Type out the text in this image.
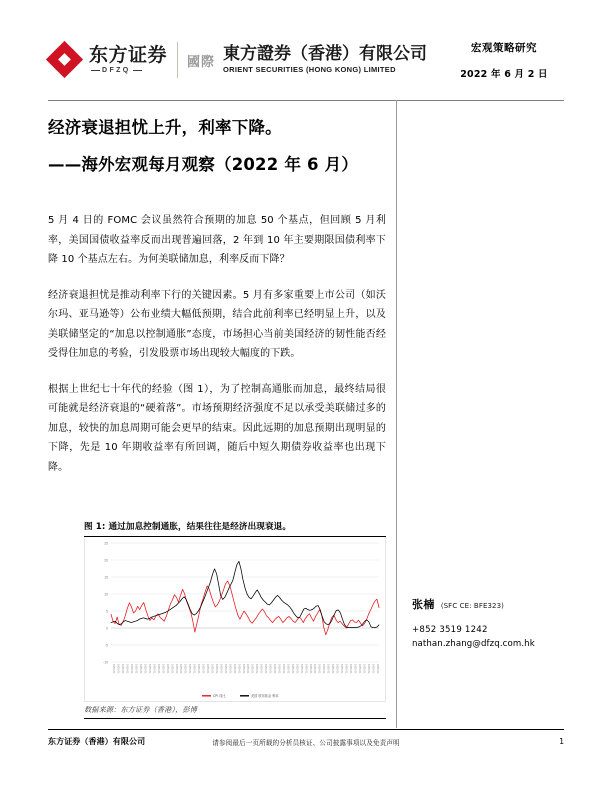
东方证券
DFZQ
國際 東方證券（香港）有限公司
ORIENT SECURITIES (HONG KONG) LIMITED
宏观策略研究
2022 年 6 月 2 日
经济衰退担忧上升，利率下降。
——海外宏观每月观察（2022 年 6 月）

5 月 4 日的 FOMC 会议虽然符合预期的加息 50 个基点，但回顾 5 月利率，美国国债收益率反而出现普遍回落，2 年到 10 年主要期限国债利率下降 10 个基点左右。为何美联储加息，利率反而下降？

经济衰退担忧是推动利率下行的关键因素。5 月有多家重要上市公司（如沃尔玛、亚马逊等）公布业绩大幅低预期，结合此前利率已经明显上升，以及美联储坚定的“加息以控制通胀”态度，市场担心当前美国经济的韧性能否经受得住加息的考验，引发股票市场出现较大幅度的下跌。

根据上世纪七十年代的经验（图 1），为了控制高通胀而加息，最终结局很可能就是经济衰退的“硬着落”。市场预期经济强度不足以承受美联储过多的加息，较快的加息周期可能会更早的结束。因此远期的加息预期出现明显的下降，先是 10 年期收益率有所回调，随后中短久期债券收益率也出现下降。

图 1: 通过加息控制通胀，结果往往是经济出现衰退。
-10
-5
0
5
10
15
20
25
1955-01 1955-01 1955-01 1955-01 1955-01 1955-01 1955-01 1955-01 1955-01 1955-01 1955-01 1955-01 1955-01 1955-01 1955-01 1955-01 1955-01 1955-01 1955-01 1955-01 1955-01 1955-01 1955-01 1955-01 1955-01 1955-01 1955-01 1955-01 1955-01 1955-01 1955-01 1955-01 1955-01 1955-01 1955-01 1955-01 1955-01 1955-01 1955-01 1955-01 1955-01 1955-01 1955-01 1955-01 1955-01 1955-01 1955-01 1955-01 1955-01 1955-01 1955-01 1955-01 1955-01 1955-01 1955-01 1955-01 1955-01 1955-01 1955-01 1955-01
CPI 同比	美国 联邦基金 利率
数据来源：东方证券（香港），彭博
张楠 (SFC CE: BFE323)
+852 3519 1242
nathan.zhang@dfzq.com.hk
东方证券（香港）有限公司	请参阅最后一页所载的分析员核证、公司披露事项以及免责声明	1
